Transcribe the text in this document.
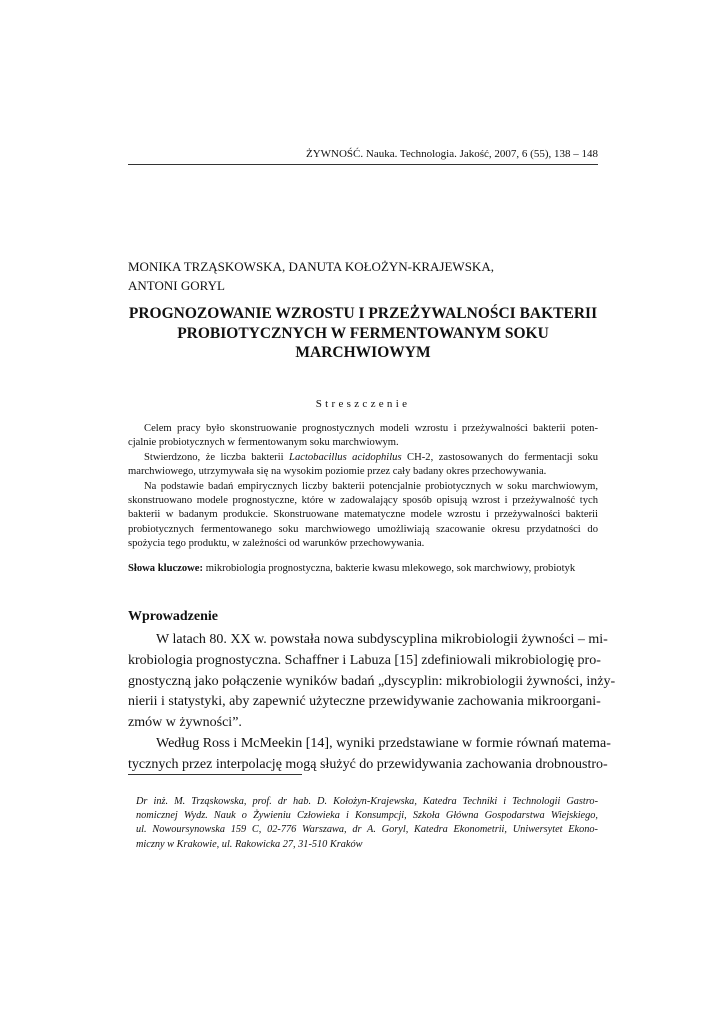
ŻYWNOŚĆ. Nauka. Technologia. Jakość, 2007, 6 (55), 138 – 148
MONIKA TRZĄSKOWSKA, DANUTA KOŁOŻYN-KRAJEWSKA,
ANTONI GORYL
PROGNOZOWANIE WZROSTU I PRZEŻYWALNOŚCI BAKTERII
PROBIOTYCZNYCH W FERMENTOWANYM SOKU
MARCHWIOWYM
Streszczenie

Celem pracy było skonstruowanie prognostycznych modeli wzrostu i przeżywalności bakterii poten-
cjalnie probiotycznych w fermentowanym soku marchwiowym.

Stwierdzono, że liczba bakterii Lactobacillus acidophilus CH-2, zastosowanych do fermentacji soku
marchwiowego, utrzymywała się na wysokim poziomie przez cały badany okres przechowywania.

Na podstawie badań empirycznych liczby bakterii potencjalnie probiotycznych w soku marchwiowym,
skonstruowano modele prognostyczne, które w zadowalający sposób opisują wzrost i przeżywalność tych
bakterii w badanym produkcie. Skonstruowane matematyczne modele wzrostu i przeżywalności bakterii
probiotycznych fermentowanego soku marchwiowego umożliwiają szacowanie okresu przydatności do
spożycia tego produktu, w zależności od warunków przechowywania.

Słowa kluczowe: mikrobiologia prognostyczna, bakterie kwasu mlekowego, sok marchwiowy, probiotyk
Wprowadzenie
W latach 80. XX w. powstała nowa subdyscyplina mikrobiologii żywności – mi-
krobiologia prognostyczna. Schaffner i Labuza [15] zdefiniowali mikrobiologię pro-
gnostyczną jako połączenie wyników badań „dyscyplin: mikrobiologii żywności, inży-
nierii i statystyki, aby zapewnić użyteczne przewidywanie zachowania mikroorgani-
zmów w żywności”.
Według Ross i McMeekin [14], wyniki przedstawiane w formie równań matema-
tycznych przez interpolację mogą służyć do przewidywania zachowania drobnoustro-
Dr inż. M. Trząskowska, prof. dr hab. D. Kołożyn-Krajewska, Katedra Techniki i Technologii Gastro-
nomicznej Wydz. Nauk o Żywieniu Człowieka i Konsumpcji, Szkoła Główna Gospodarstwa Wiejskiego,
ul. Nowoursynowska 159 C, 02-776 Warszawa, dr A. Goryl, Katedra Ekonometrii, Uniwersytet Ekono-
miczny w Krakowie, ul. Rakowicka 27, 31-510 Kraków
